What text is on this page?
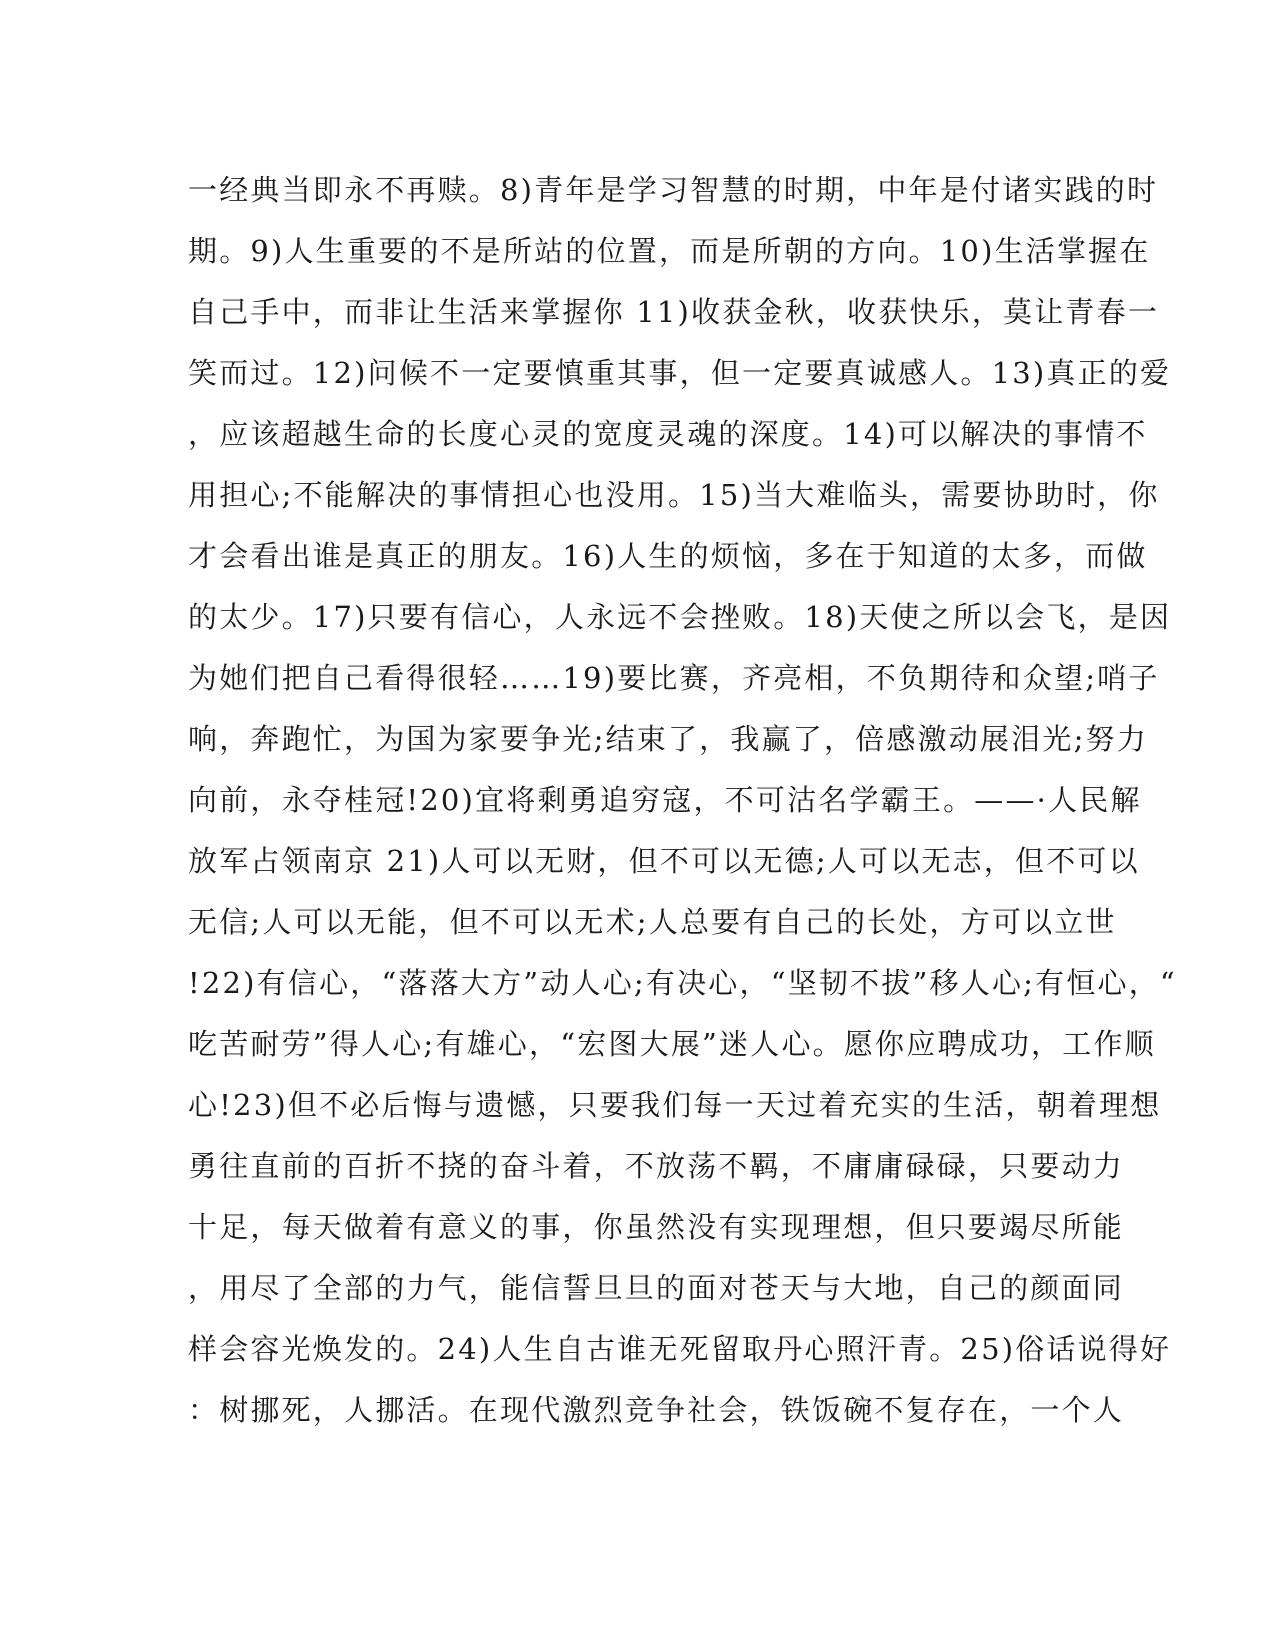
一经典当即永不再赎。8)青年是学习智慧的时期，中年是付诸实践的时
期。9)人生重要的不是所站的位置，而是所朝的方向。10)生活掌握在
自己手中，而非让生活来掌握你 11)收获金秋，收获快乐，莫让青春一
笑而过。12)问候不一定要慎重其事，但一定要真诚感人。13)真正的爱
，应该超越生命的长度心灵的宽度灵魂的深度。14)可以解决的事情不
用担心;不能解决的事情担心也没用。15)当大难临头，需要协助时，你
才会看出谁是真正的朋友。16)人生的烦恼，多在于知道的太多，而做
的太少。17)只要有信心，人永远不会挫败。18)天使之所以会飞，是因
为她们把自己看得很轻……19)要比赛，齐亮相，不负期待和众望;哨子
响，奔跑忙，为国为家要争光;结束了，我赢了，倍感激动展泪光;努力
向前，永夺桂冠!20)宜将剩勇追穷寇，不可沽名学霸王。——·人民解
放军占领南京 21)人可以无财，但不可以无德;人可以无志，但不可以
无信;人可以无能，但不可以无术;人总要有自己的长处，方可以立世
!22)有信心，“落落大方”动人心;有决心，“坚韧不拔”移人心;有恒心，“
吃苦耐劳”得人心;有雄心，“宏图大展”迷人心。愿你应聘成功，工作顺
心!23)但不必后悔与遗憾，只要我们每一天过着充实的生活，朝着理想
勇往直前的百折不挠的奋斗着，不放荡不羁，不庸庸碌碌，只要动力
十足，每天做着有意义的事，你虽然没有实现理想，但只要竭尽所能
，用尽了全部的力气，能信誓旦旦的面对苍天与大地，自己的颜面同
样会容光焕发的。24)人生自古谁无死留取丹心照汗青。25)俗话说得好
：树挪死，人挪活。在现代激烈竞争社会，铁饭碗不复存在，一个人
